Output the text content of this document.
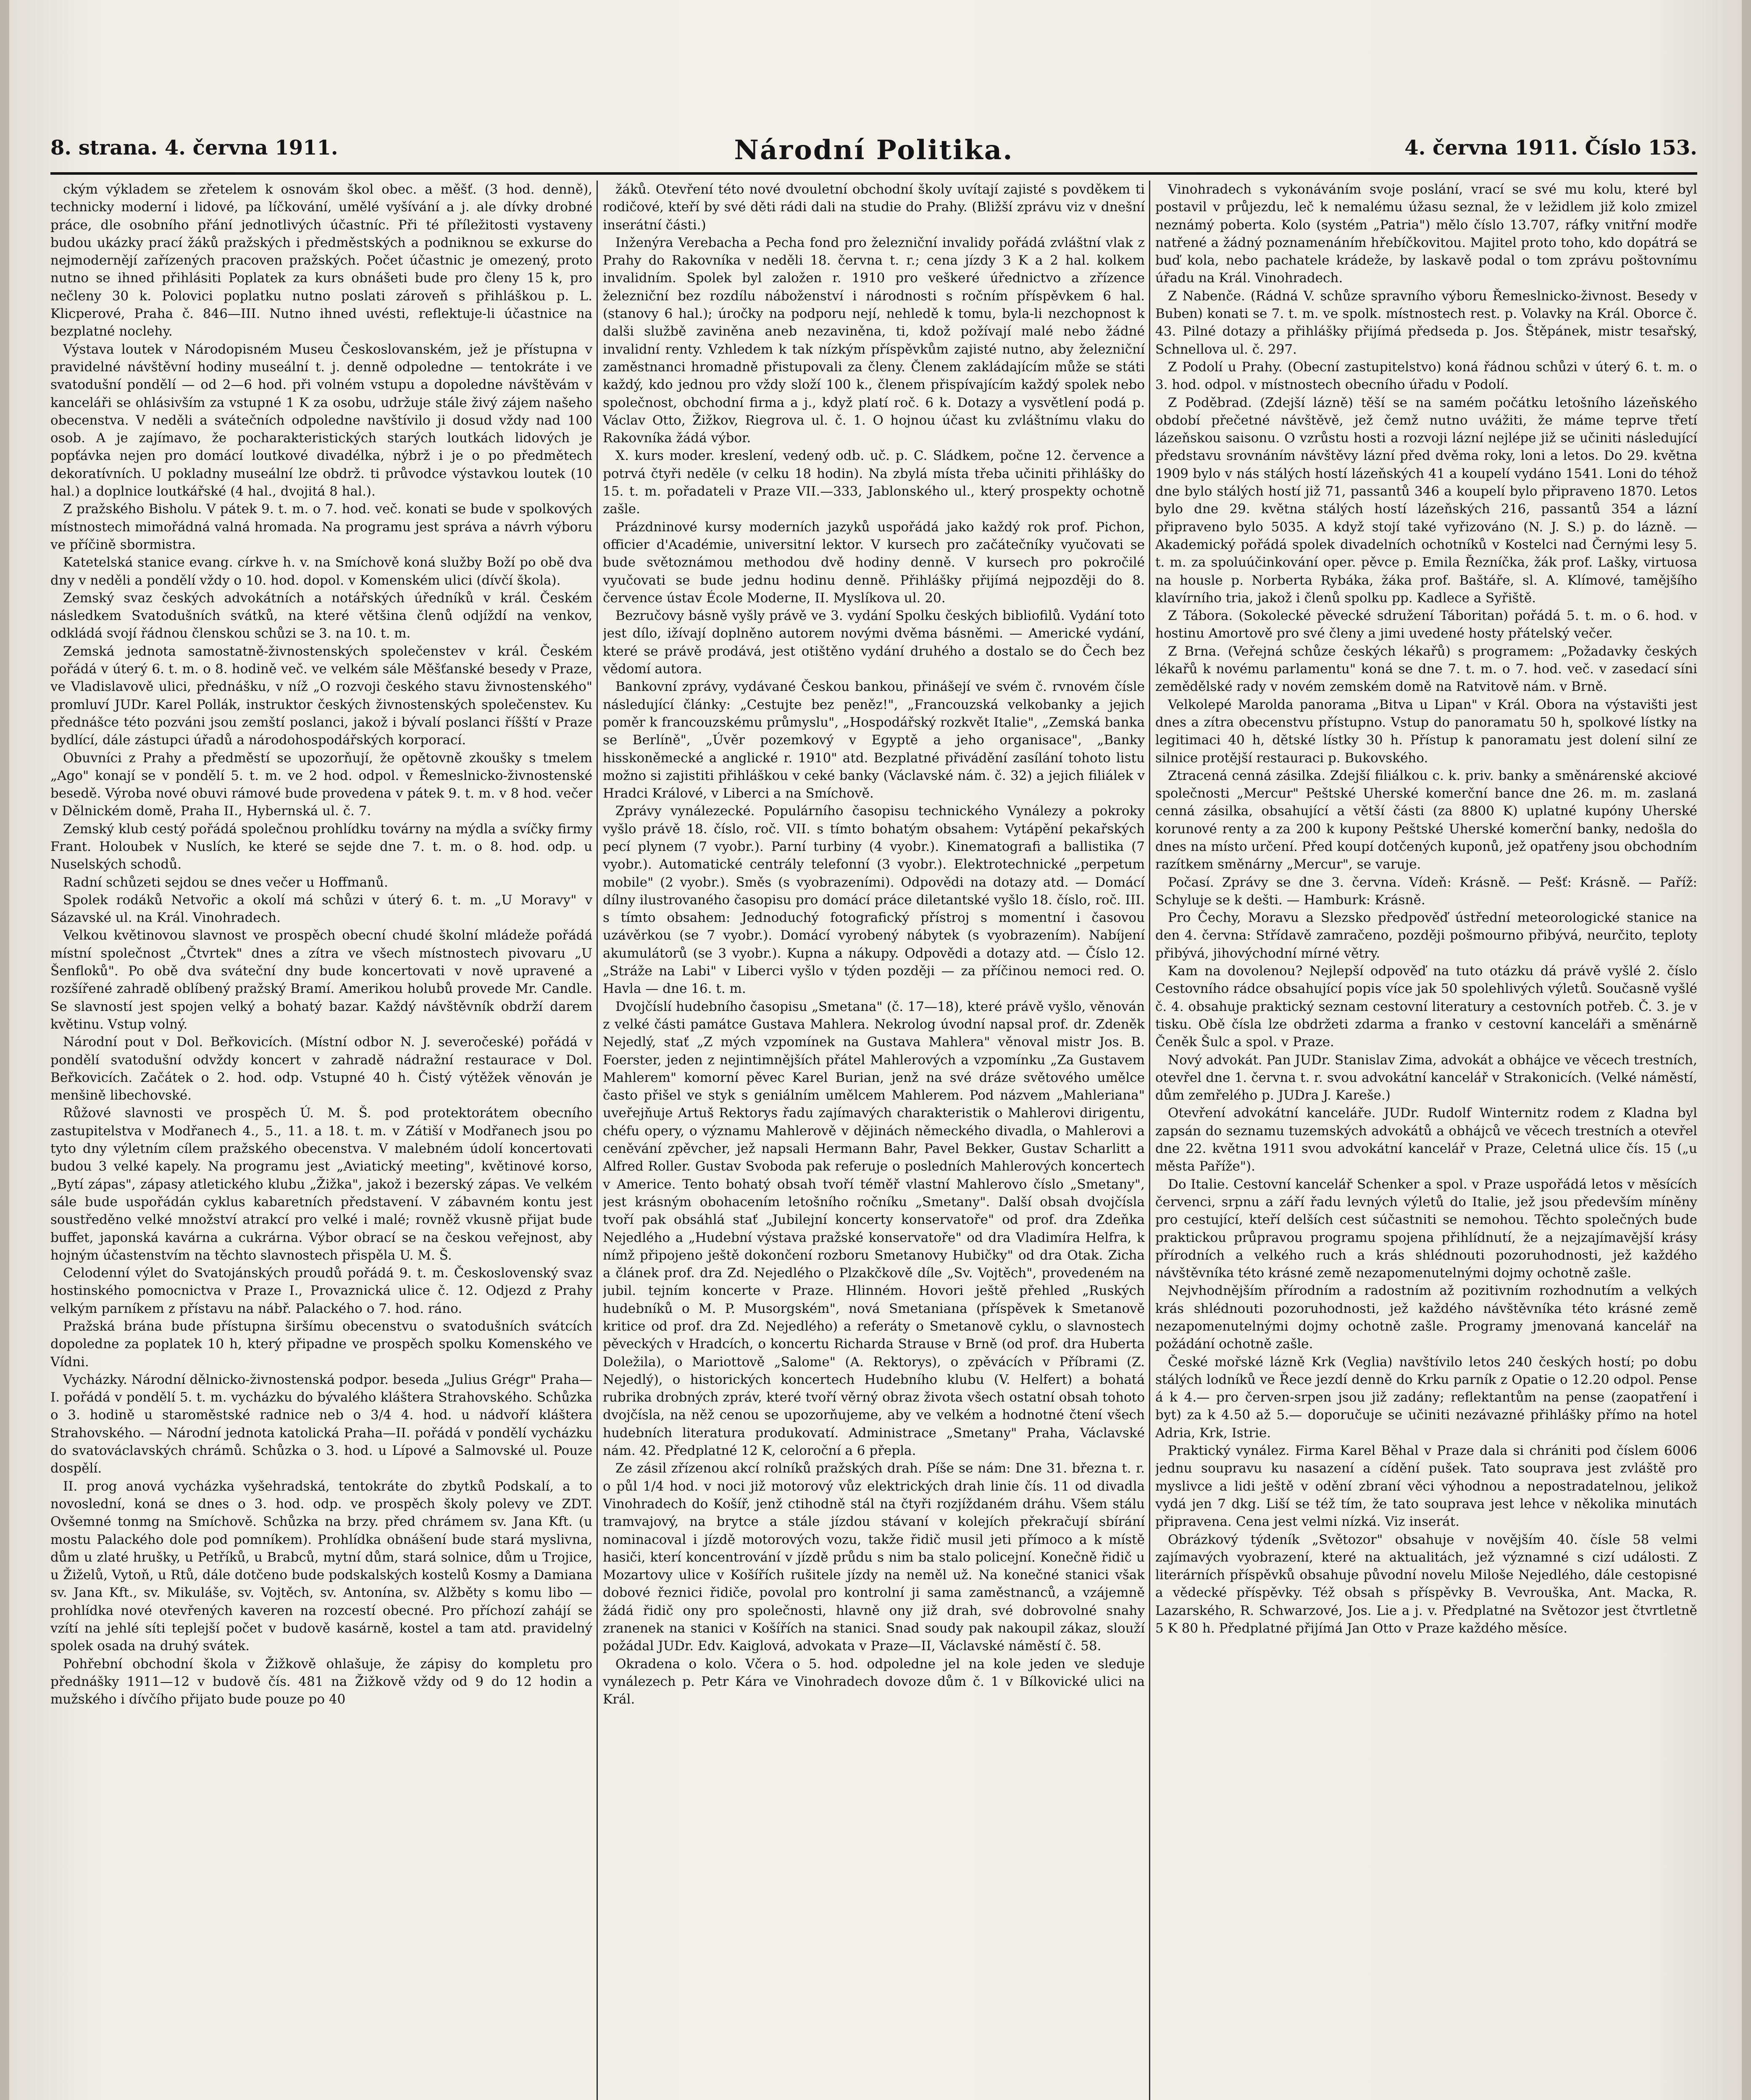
8. strana. 4. června 1911.	Národní Politika.	4. června 1911. Číslo 153.

ckým výkladem se zřetelem k osnovám škol obec. a měšť. (3 hod. denně), technicky moderní i lidové, pa líčkování, umělé vyšívání a j. ale dívky drobné práce, dle osobního přání jednotlivých účastníc. Při té příležitosti vystaveny budou ukázky prací žáků pražských i předměstských a podniknou se exkurse do nejmodernějí zařízených pracoven pražských. Počet účastnic je omezený, proto nutno se ihned přihlásiti Poplatek za kurs obnášeti bude pro členy 15 k, pro nečleny 30 k. Polovici poplatku nutno poslati zároveň s přihláškou p. L. Klicperové, Praha č. 846—III. Nutno ihned uvésti, reflektuje-li účastnice na bezplatné noclehy.

Výstava loutek v Národopisném Museu Českoslovanském, jež je přístupna v pravidelné návštěvní hodiny museální t. j. denně odpoledne — tentokráte i ve svatodušní pondělí — od 2—6 hod. při volném vstupu a dopoledne návštěvám v kanceláři se ohlásivším za vstupné 1 K za osobu, udržuje stále živý zájem našeho obecenstva. V neděli a svátečních odpoledne navštívilo ji dosud vždy nad 100 osob. A je zajímavo, že pocharakteristických starých loutkách lidových je popťávka nejen pro domácí loutkové divadélka, nýbrž i je o po předmětech dekoratívních. U pokladny museální lze obdrž. ti průvodce výstavkou loutek (10 hal.) a doplnice loutkářské (4 hal., dvojitá 8 hal.).

Z pražského Bisholu. V pátek 9. t. m. o 7. hod. več. konati se bude v spolkových místnostech mimořádná valná hromada. Na programu jest správa a návrh výboru ve příčině sbormistra.

Katetelská stanice evang. církve h. v. na Smíchově koná služby Boží po obě dva dny v neděli a pondělí vždy o 10. hod. dopol. v Komenském ulici (dívčí škola).

Zemský svaz českých advokátních a notářských úředníků v král. Českém následkem Svatodušních svátků, na které většina členů odjíždí na venkov, odkládá svojí řádnou členskou schůzi se 3. na 10. t. m.

Zemská jednota samostatně-živnostenských společenstev v král. Českém pořádá v úterý 6. t. m. o 8. hodině več. ve velkém sále Měšťanské besedy v Praze, ve Vladislavově ulici, přednášku, v níž „O rozvoji českého stavu živnostenského" promluví JUDr. Karel Pollák, instruktor českých živnostenských společenstev. Ku přednášce této pozváni jsou zemští poslanci, jakož i bývalí poslanci říšští v Praze bydlící, dále zástupci úřadů a národohospodářských korporací.

Obuvníci z Prahy a předměstí se upozorňují, že opětovně zkoušky s tmelem „Ago" konají se v pondělí 5. t. m. ve 2 hod. odpol. v Řemeslnicko-živnostenské besedě. Výroba nové obuvi rámové bude provedena v pátek 9. t. m. v 8 hod. večer v Dělnickém domě, Praha II., Hybernská ul. č. 7.

Zemský klub cestý pořádá společnou prohlídku továrny na mýdla a svíčky firmy Frant. Holoubek v Nuslích, ke které se sejde dne 7. t. m. o 8. hod. odp. u Nuselských schodů.

Radní schůzeti sejdou se dnes večer u Hoffmanů.

Spolek rodáků Netvořic a okolí má schůzi v úterý 6. t. m. „U Moravy" v Sázavské ul. na Král. Vinohradech.

Velkou květinovou slavnost ve prospěch obecní chudé školní mládeže pořádá místní společnost „Čtvrtek" dnes a zítra ve všech místnostech pivovaru „U Šenfloků". Po obě dva sváteční dny bude koncertovati v nově upravené a rozšířené zahradě oblíbený pražský Bramí. Amerikou holubů provede Mr. Candle. Se slavností jest spojen velký a bohatý bazar. Každý návštěvník obdrží darem květinu. Vstup volný.

Národní pout v Dol. Beřkovicích. (Místní odbor N. J. severočeské) pořádá v pondělí svatodušní odvždy koncert v zahradě nádražní restaurace v Dol. Beřkovicích. Začátek o 2. hod. odp. Vstupné 40 h. Čistý výtěžek věnován je menšině libechovské.

Růžové slavnosti ve prospěch Ú. M. Š. pod protektorátem obecního zastupitelstva v Modřanech 4., 5., 11. a 18. t. m. v Zátiší v Modřanech jsou po tyto dny výletním cílem pražského obecenstva. V malebném údolí koncertovati budou 3 velké kapely. Na programu jest „Aviatický meeting", květinové korso, „Bytí zápas", zápasy atletického klubu „Žižka", jakož i bezerský zápas. Ve velkém sále bude uspořádán cyklus kabaretních představení. V zábavném kontu jest soustředěno velké množství atrakcí pro velké i malé; rovněž vkusně přijat bude buffet, japonská kavárna a cukrárna. Výbor obrací se na českou veřejnost, aby hojným účastenstvím na těchto slavnostech přispěla U. M. Š.

Celodenní výlet do Svatojánských proudů pořádá 9. t. m. Československý svaz hostinského pomocnictva v Praze I., Provaznická ulice č. 12. Odjezd z Prahy velkým parníkem z přístavu na nábř. Palackého o 7. hod. ráno.

Pražská brána bude přístupna širšímu obecenstvu o svatodušních svátcích dopoledne za poplatek 10 h, který připadne ve prospěch spolku Komenského ve Vídni.

Vycházky. Národní dělnicko-živnostenská podpor. beseda „Julius Grégr" Praha—I. pořádá v pondělí 5. t. m. vycházku do bývalého kláštera Strahovského. Schůzka o 3. hodině u staroměstské radnice neb o 3/4 4. hod. u nádvoří kláštera Strahovského. — Národní jednota katolická Praha—II. pořádá v pondělí vycházku do svatováclavských chrámů. Schůzka o 3. hod. u Lípové a Salmovské ul. Pouze dospělí.

II. prog anová vycházka vyšehradská, tentokráte do zbytků Podskalí, a to novoslední, koná se dnes o 3. hod. odp. ve prospěch školy polevy ve ZDT. Ovšemné tonmg na Smíchově. Schůzka na brzy. před chrámem sv. Jana Kft. (u mostu Palackého dole pod pomníkem). Prohlídka obnášení bude stará myslivna, dům u zlaté hrušky, u Petříků, u Brabců, mytní dům, stará solnice, dům u Trojice, u Žiželů, Vytoň, u Rtů, dále dotčeno bude podskalských kostelů Kosmy a Damiana sv. Jana Kft., sv. Mikuláše, sv. Vojtěch, sv. Antonína, sv. Alžběty s komu libo — prohlídka nové otevřených kaveren na rozcestí obecné. Pro příchozí zahájí se vzítí na jehlé síti teplejší počet v budově kasárně, kostel a tam atd. pravidelný spolek osada na druhý svátek.

Pohřební obchodní škola v Žižkově ohlašuje, že zápisy do kompletu pro přednášky 1911—12 v budově čís. 481 na Žižkově vždy od 9 do 12 hodin a mužského i dívčího přijato bude pouze po 40

žáků. Otevření této nové dvouletní obchodní školy uvítají zajisté s povděkem ti rodičové, kteří by své děti rádi dali na studie do Prahy. (Bližší zprávu viz v dnešní inserátní části.)

Inženýra Verebacha a Pecha fond pro železniční invalidy pořádá zvláštní vlak z Prahy do Rakovníka v neděli 18. června t. r.; cena jízdy 3 K a 2 hal. kolkem invalidním. Spolek byl založen r. 1910 pro veškeré úřednictvo a zřízence železniční bez rozdílu náboženství i národnosti s ročním příspěvkem 6 hal. (stanovy 6 hal.); úročky na podporu nejí, nehledě k tomu, byla-li nezchopnost k dalši službě zaviněna aneb nezaviněna, ti, kdož požívají malé nebo žádné invalidní renty. Vzhledem k tak nízkým příspěvkům zajisté nutno, aby železniční zaměstnanci hromadně přistupovali za členy. Členem zakládajícím může se státi každý, kdo jednou pro vždy složí 100 k., členem přispívajícím každý spolek nebo společnost, obchodní firma a j., když platí roč. 6 k. Dotazy a vysvětlení podá p. Václav Otto, Žižkov, Riegrova ul. č. 1. O hojnou účast ku zvláštnímu vlaku do Rakovníka žádá výbor.

X. kurs moder. kreslení, vedený odb. uč. p. C. Sládkem, počne 12. července a potrvá čtyři neděle (v celku 18 hodin). Na zbylá místa třeba učiniti přihlášky do 15. t. m. pořadateli v Praze VII.—333, Jablonského ul., který prospekty ochotně zašle.

Prázdninové kursy moderních jazyků uspořádá jako každý rok prof. Pichon, officier d'Académie, universitní lektor. V kursech pro začátečníky vyučovati se bude světoznámou methodou dvě hodiny denně. V kursech pro pokročilé vyučovati se bude jednu hodinu denně. Přihlášky přijímá nejpozději do 8. července ústav École Moderne, II. Myslíkova ul. 20.

Bezručovy básně vyšly právě ve 3. vydání Spolku českých bibliofilů. Vydání toto jest dílo, ižívají doplněno autorem novými dvěma básněmi. — Americké vydání, které se právě prodává, jest otištěno vydání druhého a dostalo se do Čech bez vědomí autora.

Bankovní zprávy, vydávané Českou bankou, přinášejí ve svém č. rvnovém čísle následující články: „Cestujte bez peněz!", „Francouzská velkobanky a jejich poměr k francouzskému průmyslu", „Hospodářský rozkvět Italie", „Zemská banka se Berlíně", „Úvěr pozemkový v Egyptě a jeho organisace", „Banky hisskoněmecké a anglické r. 1910" atd. Bezplatné přivádění zasílání tohoto listu možno si zajistiti přihláškou v ceké banky (Václavské nám. č. 32) a jejich filiálek v Hradci Králové, v Liberci a na Smíchově.

Zprávy vynálezecké. Populárního časopisu technického Vynálezy a pokroky vyšlo právě 18. číslo, roč. VII. s tímto bohatým obsahem: Vytápění pekařských pecí plynem (7 vyobr.). Parní turbiny (4 vyobr.). Kinematografi a ballistika (7 vyobr.). Automatické centrály telefonní (3 vyobr.). Elektrotechnické „perpetum mobile" (2 vyobr.). Směs (s vyobrazeními). Odpovědi na dotazy atd. — Domácí dílny ilustrovaného časopisu pro domácí práce diletantské vyšlo 18. číslo, roč. III. s tímto obsahem: Jednoduchý fotografický přístroj s momentní i časovou uzávěrkou (se 7 vyobr.). Domácí vyrobený nábytek (s vyobrazením). Nabíjení akumulátorů (se 3 vyobr.). Kupna a nákupy. Odpovědi a dotazy atd. — Číslo 12. „Stráže na Labi" v Liberci vyšlo v týden později — za příčinou nemoci red. O. Havla — dne 16. t. m.

Dvojčíslí hudebního časopisu „Smetana" (č. 17—18), které právě vyšlo, věnován z velké části památce Gustava Mahlera. Nekrolog úvodní napsal prof. dr. Zdeněk Nejedlý, stať „Z mých vzpomínek na Gustava Mahlera" věnoval mistr Jos. B. Foerster, jeden z nejintimnějších přátel Mahlerových a vzpomínku „Za Gustavem Mahlerem" komorní pěvec Karel Burian, jenž na své dráze světového umělce často přišel ve styk s geniálním umělcem Mahlerem. Pod názvem „Mahleriana" uveřejňuje Artuš Rektorys řadu zajímavých charakteristik o Mahlerovi dirigentu, chéfu opery, o významu Mahlerově v dějinách německého divadla, o Mahlerovi a ceněvání zpěvcher, jež napsali Hermann Bahr, Pavel Bekker, Gustav Scharlitt a Alfred Roller. Gustav Svoboda pak referuje o posledních Mahlerových koncertech v Americe. Tento bohatý obsah tvoří téměř vlastní Mahlerovo číslo „Smetany", jest krásným obohacením letošního ročníku „Smetany". Další obsah dvojčísla tvoří pak obsáhlá stať „Jubilejní koncerty konservatoře" od prof. dra Zdeňka Nejedlého a „Hudební výstava pražské konservatoře" od dra Vladimíra Helfra, k nímž připojeno ještě dokončení rozboru Smetanovy Hubičky" od dra Otak. Zicha a článek prof. dra Zd. Nejedlého o Plzakčkově díle „Sv. Vojtěch", provedeném na jubil. tejním koncerte v Praze. Hlinném. Hovori ještě přehled „Ruských hudebníků o M. P. Musorgském", nová Smetaniana (příspěvek k Smetanově kritice od prof. dra Zd. Nejedlého) a referáty o Smetanově cyklu, o slavnostech pěveckých v Hradcích, o koncertu Richarda Strause v Brně (od prof. dra Huberta Doležila), o Mariottově „Salome" (A. Rektorys), o zpěvácích v Příbrami (Z. Nejedlý), o historických koncertech Hudebního klubu (V. Helfert) a bohatá rubrika drobných zpráv, které tvoří věrný obraz života všech ostatní obsah tohoto dvojčísla, na něž cenou se upozorňujeme, aby ve velkém a hodnotné čtení všech hudebních literatura produkovatí. Administrace „Smetany" Praha, Václavské nám. 42. Předplatné 12 K, celoroční a 6 přepla.

Ze zásil zřízenou akcí rolníků pražských drah. Píše se nám: Dne 31. března t. r. o půl 1/4 hod. v noci již motorový vůz elektrických drah linie čís. 11 od divadla Vinohradech do Košíř, jenž ctihodně stál na čtyři rozjíždaném dráhu. Všem stálu tramvajový, na brytce a stále jízdou stávaní v kolejích překračují sbírání nominacoval i jízdě motorových vozu, takže řidič musil jeti přímoco a k místě hasiči, kterí koncentrování v jízdě průdu s nim ba stalo policejní. Konečně řidič u Mozartovy ulice v Košířích rušitele jízdy na neměl už. Na konečné stanici však dobové řeznici řidiče, povolal pro kontrolní ji sama zaměstnanců, a vzájemně žádá řidič ony pro společnosti, hlavně ony již drah, své dobrovolné snahy zranenek na stanici v Košířích na stanici. Snad soudy pak nakoupil zákaz, slouží požádal JUDr. Edv. Kaiglová, advokata v Praze—II, Václavské náměstí č. 58.

Okradena o kolo. Včera o 5. hod. odpoledne jel na kole jeden ve sleduje vynálezech p. Petr Kára ve Vinohradech dovoze dům č. 1 v Bílkovické ulici na Král.

Vinohradech s vykonáváním svoje poslání, vrací se své mu kolu, které byl postavil v průjezdu, leč k nemalému úžasu seznal, že v ležidlem již kolo zmizel neznámý poberta. Kolo (systém „Patria") mělo číslo 13.707, ráfky vnitřní modře natřené a žádný poznamenáním hřebíčkovitou. Majitel proto toho, kdo dopátrá se buď kola, nebo pachatele krádeže, by laskavě podal o tom zprávu poštovnímu úřadu na Král. Vinohradech.

Z Nabenče. (Rádná V. schůze spravního výboru Řemeslnicko-živnost. Besedy v Buben) konati se 7. t. m. ve spolk. místnostech rest. p. Volavky na Král. Oborce č. 43. Pilné dotazy a přihlášky přijímá předseda p. Jos. Štěpánek, mistr tesařský, Schnellova ul. č. 297.

Z Podolí u Prahy. (Obecní zastupitelstvo) koná řádnou schůzi v úterý 6. t. m. o 3. hod. odpol. v místnostech obecního úřadu v Podolí.

Z Poděbrad. (Zdejší lázně) těší se na samém počátku letošního lázeňského období přečetné návštěvě, jež čemž nutno uvážiti, že máme teprve třetí lázeňskou saisonu. O vzrůstu hosti a rozvoji lázní nejlépe již se učiniti následující představu srovnáním návštěvy lázní před dvěma roky, loni a letos. Do 29. května 1909 bylo v nás stálých hostí lázeňských 41 a koupelí vydáno 1541. Loni do téhož dne bylo stálých hostí již 71, passantů 346 a koupelí bylo připraveno 1870. Letos bylo dne 29. května stálých hostí lázeňských 216, passantů 354 a lázní připraveno bylo 5035. A když stojí také vyřizováno (N. J. S.) p. do lázně. — Akademický pořádá spolek divadelních ochotníků v Kostelci nad Černými lesy 5. t. m. za spoluúčinkování oper. pěvce p. Emila Řezníčka, žák prof. Lašky, virtuosa na housle p. Norberta Rybáka, žáka prof. Baštáře, sl. A. Klímové, tamějšího klavírního tria, jakož i členů spolku pp. Kadlece a Syřiště.

Z Tábora. (Sokolecké pěvecké sdružení Táboritan) pořádá 5. t. m. o 6. hod. v hostinu Amortově pro své členy a jimi uvedené hosty přátelský večer.

Z Brna. (Veřejná schůze českých lékařů) s programem: „Požadavky českých lékařů k novému parlamentu" koná se dne 7. t. m. o 7. hod. več. v zasedací síni zemědělské rady v novém zemském domě na Ratvitově nám. v Brně.

Velkolepé Marolda panorama „Bitva u Lipan" v Král. Obora na výstavišti jest dnes a zítra obecenstvu přístupno. Vstup do panoramatu 50 h, spolkové lístky na legitimaci 40 h, dětské lístky 30 h. Přístup k panoramatu jest dolení silní ze silnice protější restauraci p. Bukovského.

Ztracená cenná zásilka. Zdejší filiálkou c. k. priv. banky a směnárenské akciové společnosti „Mercur" Peštské Uherské komerční bance dne 26. m. m. zaslaná cenná zásilka, obsahující a větší části (za 8800 K) uplatné kupóny Uherské korunové renty a za 200 k kupony Peštské Uherské komerční banky, nedošla do dnes na místo určení. Před koupí dotčených kuponů, jež opatřeny jsou obchodním razítkem směnárny „Mercur", se varuje.

Počasí. Zprávy se dne 3. června. Vídeň: Krásně. — Pešť: Krásně. — Paříž: Schyluje se k dešti. — Hamburk: Krásně.

Pro Čechy, Moravu a Slezsko předpověď ústřední meteorologické stanice na den 4. června: Střídavě zamračeno, později pošmourno přibývá, neurčito, teploty přibývá, jihovýchodní mírné větry.

Kam na dovolenou? Nejlepší odpověď na tuto otázku dá právě vyšlé 2. číslo Cestovního rádce obsahující popis více jak 50 spolehlivých výletů. Současně vyšlé č. 4. obsahuje praktický seznam cestovní literatury a cestovních potřeb. Č. 3. je v tisku. Obě čísla lze obdržeti zdarma a franko v cestovní kanceláři a směnárně Čeněk Šulc a spol. v Praze.

Nový advokát. Pan JUDr. Stanislav Zima, advokát a obhájce ve věcech trestních, otevřel dne 1. června t. r. svou advokátní kancelář v Strakonicích. (Velké náměstí, dům zemřelého p. JUDra J. Kareše.)

Otevření advokátní kanceláře. JUDr. Rudolf Winternitz rodem z Kladna byl zapsán do seznamu tuzemských advokátů a obhájců ve věcech trestních a otevřel dne 22. května 1911 svou advokátní kancelář v Praze, Celetná ulice čís. 15 („u města Paříže").

Do Italie. Cestovní kancelář Schenker a spol. v Praze uspořádá letos v měsících červenci, srpnu a září řadu levných výletů do Italie, jež jsou především míněny pro cestující, kteří delších cest súčastniti se nemohou. Těchto společných bude praktickou průpravou programu spojena přihlídnutí, že a nejzajímavější krásy přírodních a velkého ruch a krás shlédnouti pozoruhodnosti, jež každého návštěvníka této krásné země nezapomenutelnými dojmy ochotně zašle.

Nejvhodnějším přírodním a radostním až pozitivním rozhodnutím a velkých krás shlédnouti pozoruhodnosti, jež každého návštěvníka této krásné země nezapomenutelnými dojmy ochotně zašle. Programy jmenovaná kancelář na požádání ochotně zašle.

České mořské lázně Krk (Veglia) navštívilo letos 240 českých hostí; po dobu stálých lodníků ve Řece jezdí denně do Krku parník z Opatie o 12.20 odpol. Pense á k 4.— pro červen-srpen jsou již zadány; reflektantům na pense (zaopatření i byt) za k 4.50 až 5.— doporučuje se učiniti nezávazné přihlášky přímo na hotel Adria, Krk, Istrie.

Praktický vynález. Firma Karel Běhal v Praze dala si chrániti pod číslem 6006 jednu soupravu ku nasazení a cídění pušek. Tato souprava jest zvláště pro myslivce a lidi ještě v odění zbraní věci výhodnou a nepostradatelnou, jelikož vydá jen 7 dkg. Liší se též tím, že tato souprava jest lehce v několika minutách připravena. Cena jest velmi nízká. Viz inserát.

Obrázkový týdeník „Světozor" obsahuje v novějším 40. čísle 58 velmi zajímavých vyobrazení, které na aktualitách, jež významné s cizí události. Z literárních příspěvků obsahuje původní novelu Miloše Nejedlého, dále cestopisné a vědecké příspěvky. Též obsah s příspěvky B. Vevrouška, Ant. Macka, R. Lazarského, R. Schwarzové, Jos. Lie a j. v. Předplatné na Světozor jest čtvrtletně 5 K 80 h. Předplatné přijímá Jan Otto v Praze každého měsíce.
